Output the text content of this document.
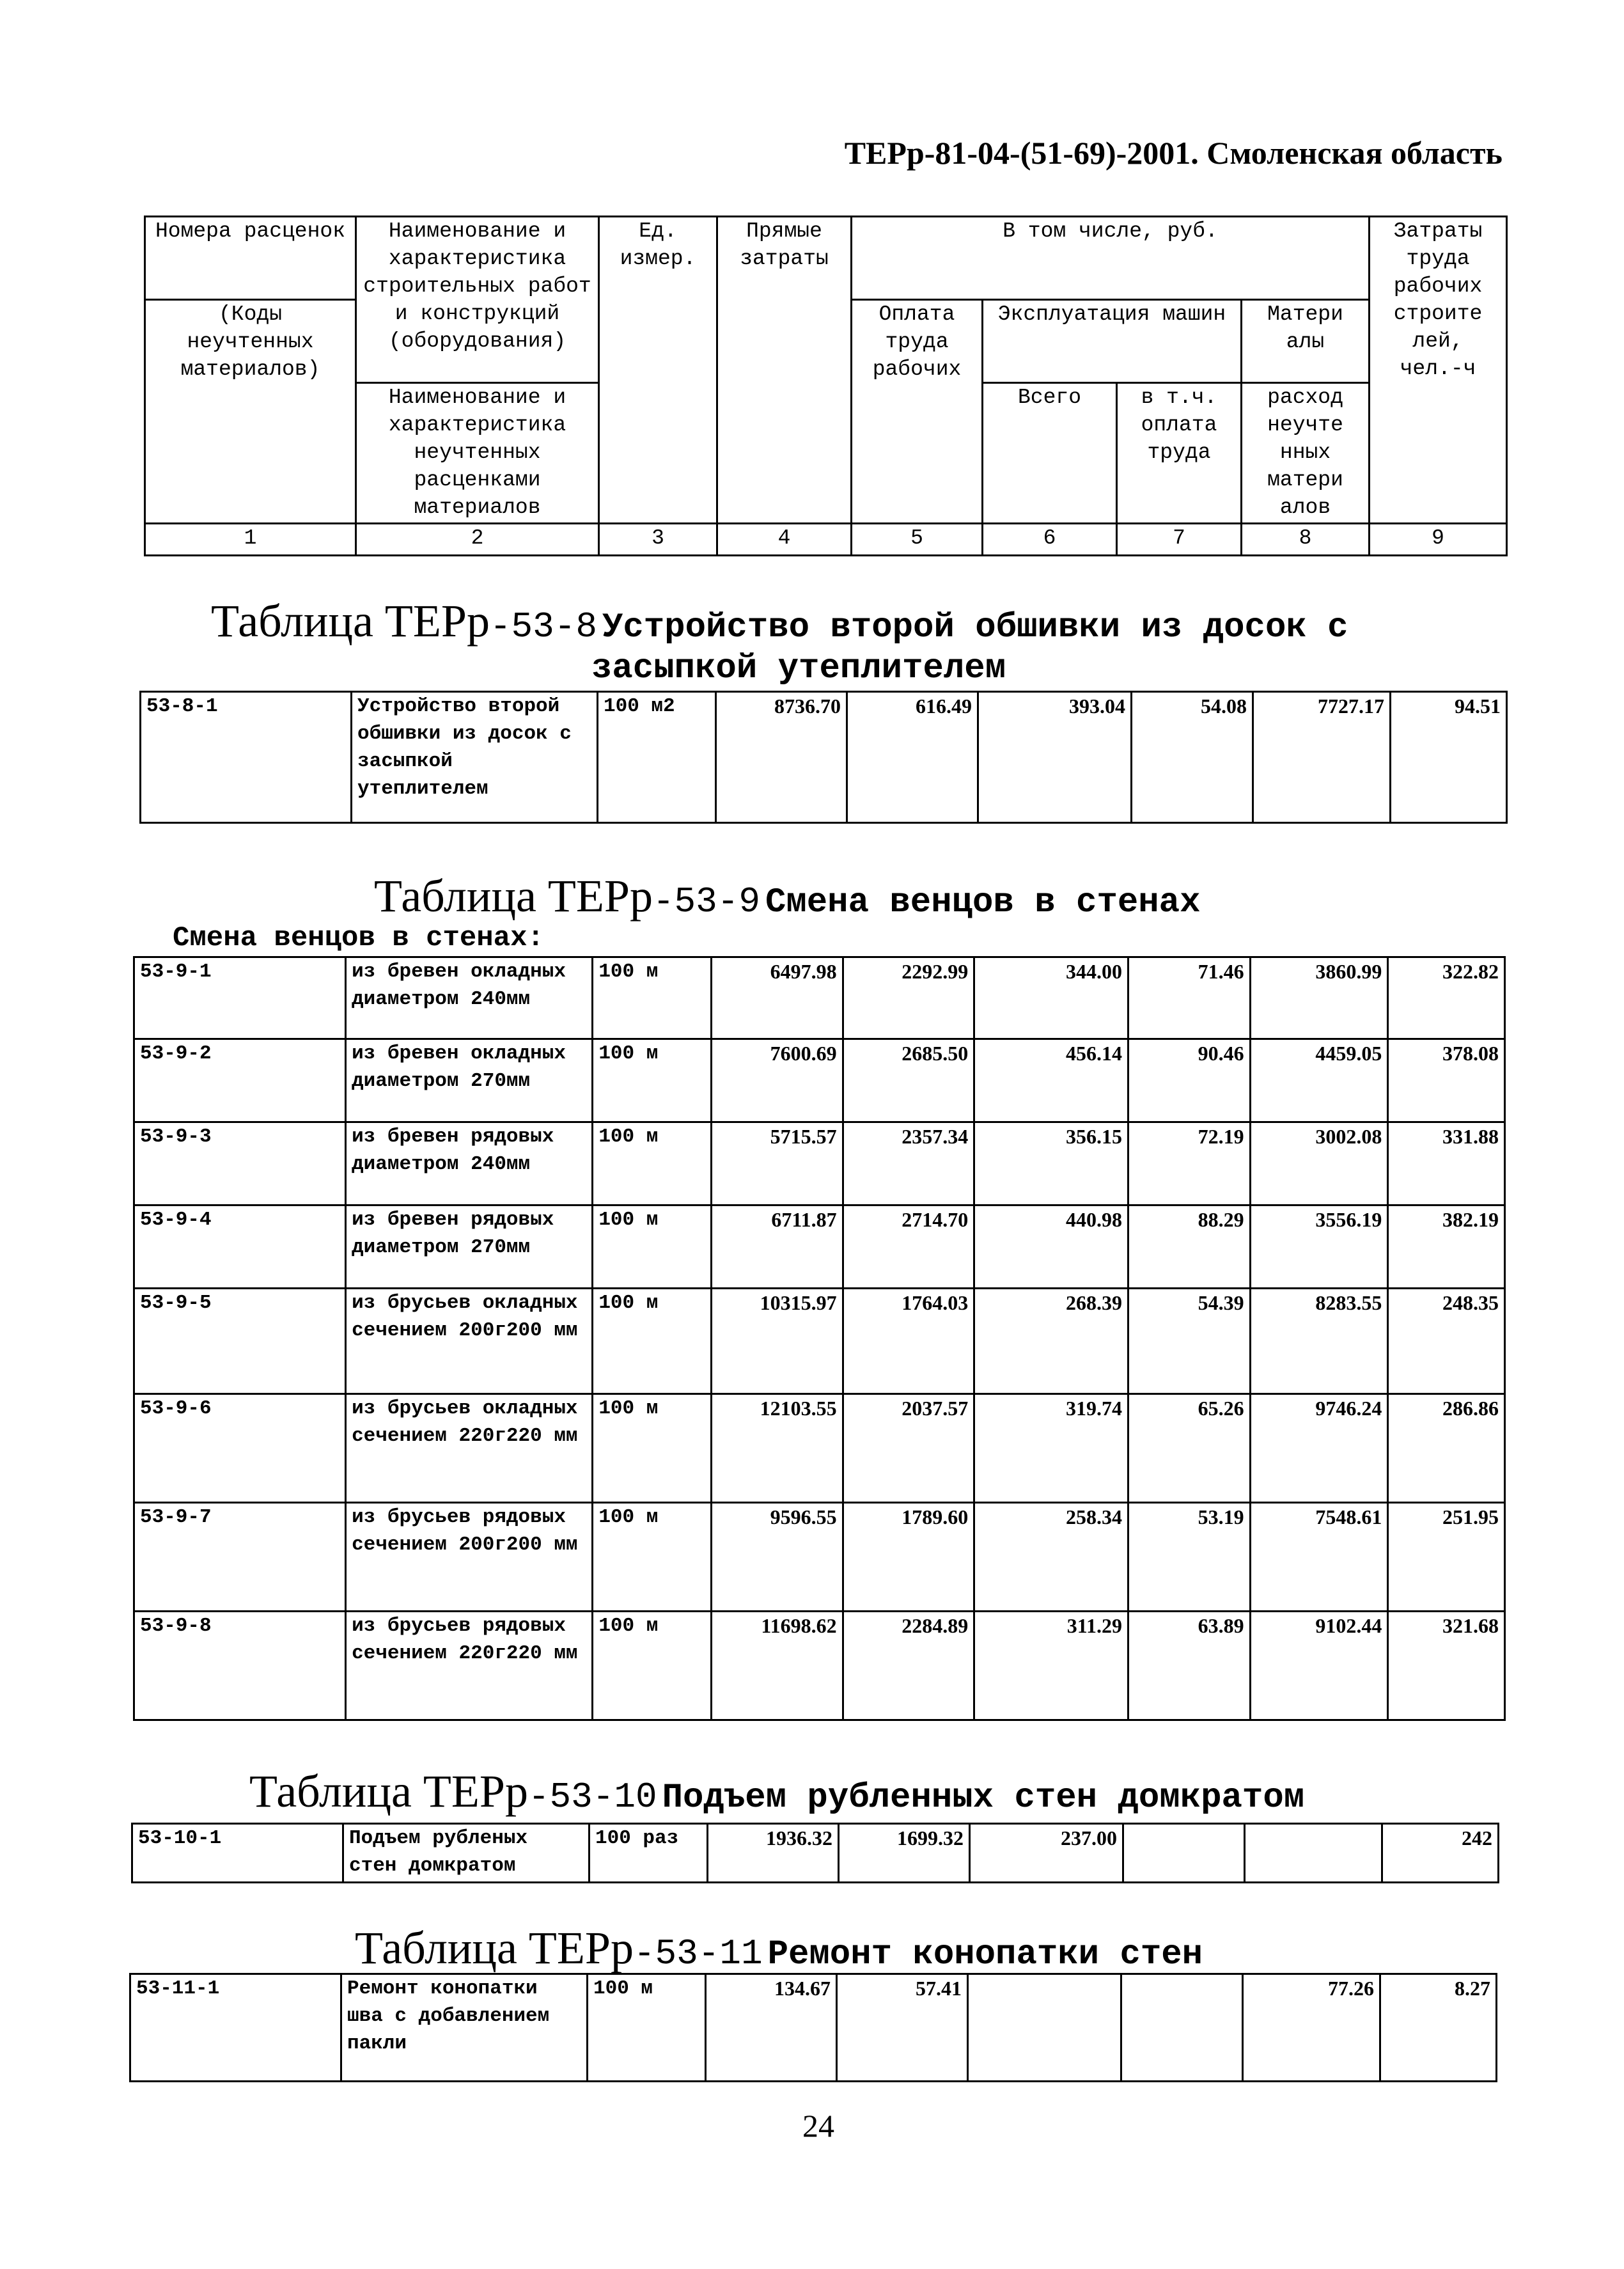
ТЕРр-81-04-(51-69)-2001. Смоленская область
Номера расценок	Наименование и характеристика строительных работ и конструкций (оборудования)	Ед. измер.	Прямые затраты	В том числе, руб.				Затраты труда рабочих строите лей, чел.-ч
(Коды неучтенных материалов)				Оплата труда рабочих	Эксплуатация машин		Матери алы	
	Наименование и характеристика неучтенных расценками материалов				Всего	в т.ч. оплата труда	расход неучте нных матери алов	
1	2	3	4	5	6	7	8	9
Таблица ТЕРр-53-8 Устройство второй обшивки из досок с
засыпкой утеплителем
53-8-1	Устройство второй обшивки из досок с засыпкой утеплителем	100 м2	8736.70	616.49	393.04	54.08	7727.17	94.51
Таблица ТЕРр-53-9 Смена венцов в стенах
Смена венцов в стенах:
53-9-1	из бревен окладных диаметром 240мм	100 м	6497.98	2292.99	344.00	71.46	3860.99	322.82
53-9-2	из бревен окладных диаметром 270мм	100 м	7600.69	2685.50	456.14	90.46	4459.05	378.08
53-9-3	из бревен рядовых диаметром 240мм	100 м	5715.57	2357.34	356.15	72.19	3002.08	331.88
53-9-4	из бревен рядовых диаметром 270мм	100 м	6711.87	2714.70	440.98	88.29	3556.19	382.19
53-9-5	из брусьев окладных сечением 200г200 мм	100 м	10315.97	1764.03	268.39	54.39	8283.55	248.35
53-9-6	из брусьев окладных сечением 220г220 мм	100 м	12103.55	2037.57	319.74	65.26	9746.24	286.86
53-9-7	из брусьев рядовых сечением 200г200 мм	100 м	9596.55	1789.60	258.34	53.19	7548.61	251.95
53-9-8	из брусьев рядовых сечением 220г220 мм	100 м	11698.62	2284.89	311.29	63.89	9102.44	321.68
Таблица ТЕРр-53-10 Подъем рубленных стен домкратом
53-10-1	Подъем рубленых стен домкратом	100 раз	1936.32	1699.32	237.00			242
Таблица ТЕРр-53-11 Ремонт конопатки стен
53-11-1	Ремонт конопатки шва с добавлением пакли	100 м	134.67	57.41			77.26	8.27
24
